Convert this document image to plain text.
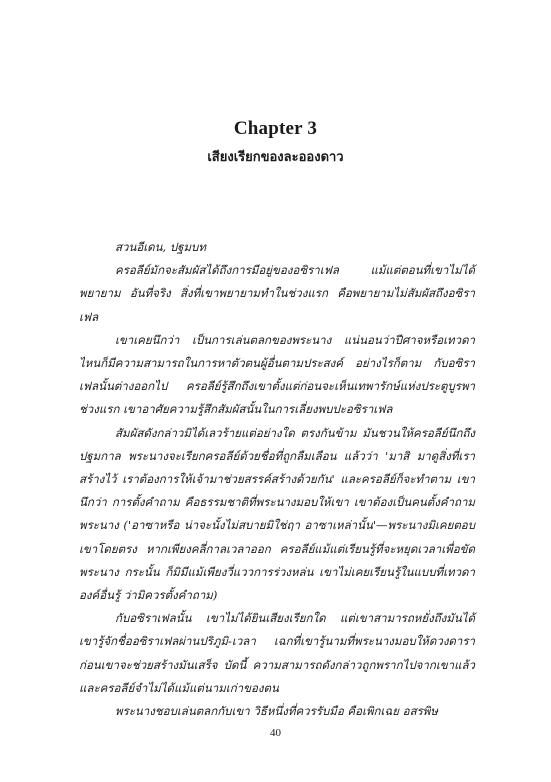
Chapter 3
เสียงเรียกของละอองดาว

สวนอีเดน, ปฐมบท

ครอลีย์มักจะสัมผัสได้ถึงการมีอยู่ของอซิราเฟล แม้แต่ตอนที่เขาไม่ได้พยายาม อันที่จริง สิ่งที่เขาพยายามทำในช่วงแรก คือพยายามไม่สัมผัสถึงอซิราเฟล

เขาเคยนึกว่า เป็นการเล่นตลกของพระนาง แน่นอนว่าปีศาจหรือเทวดาไหนก็มีความสามารถในการหาตัวตนผู้อื่นตามประสงค์ อย่างไรก็ตาม กับอซิราเฟลนั้นต่างออกไป ครอลีย์รู้สึกถึงเขาตั้งแต่ก่อนจะเห็นเทพารักษ์แห่งประตูบูรพา ช่วงแรก เขาอาศัยความรู้สึกสัมผัสนั้นในการเลี่ยงพบปะอซิราเฟล

สัมผัสดังกล่าวมิได้เลวร้ายแต่อย่างใด ตรงกันข้าม มันชวนให้ครอลีย์นึกถึงปฐมกาล พระนางจะเรียกครอลีย์ด้วยชื่อที่ถูกลืมเลือน แล้วว่า 'มาสิ มาดูสิ่งที่เราสร้างไว้ เราต้องการให้เจ้ามาช่วยสรรค์สร้างด้วยกัน' และครอลีย์ก็จะทำตาม เขานึกว่า การตั้งคำถาม คือธรรมชาติที่พระนางมอบให้เขา เขาต้องเป็นคนตั้งคำถามพระนาง ('อาซาหรือ น่าจะนั้งไม่สบายมิใช่ฤา อาซาเหล่านั้น'—พระนางมิเคยตอบเขาโดยตรง หากเพียงคลี่กาลเวลาออก ครอลีย์แม้แต่เรียนรู้ที่จะหยุดเวลาเพื่อขัดพระนาง กระนั้น ก็มิมีแม้เพียงวี่แววการร่วงหล่น เขาไม่เคยเรียนรู้ในแบบที่เทวดาองค์อื่นรู้ ว่ามิควรตั้งคำถาม)

กับอซิราเฟลนั้น เขาไม่ได้ยินเสียงเรียกใด แต่เขาสามารถหยั่งถึงมันได้ เขารู้จักชื่ออซิราเฟลผ่านปริภูมิ-เวลา เฉกที่เขารู้นามที่พระนางมอบให้ดวงดาราก่อนเขาจะช่วยสร้างมันเสร็จ บัดนี้ ความสามารถดังกล่าวถูกพรากไปจากเขาแล้ว และครอลีย์จำไม่ได้แม้แต่นามเก่าของตน

พระนางชอบเล่นตลกกับเขา วิธีหนึ่งที่ควรรับมือ คือเพิกเฉย อสรพิษ

40
